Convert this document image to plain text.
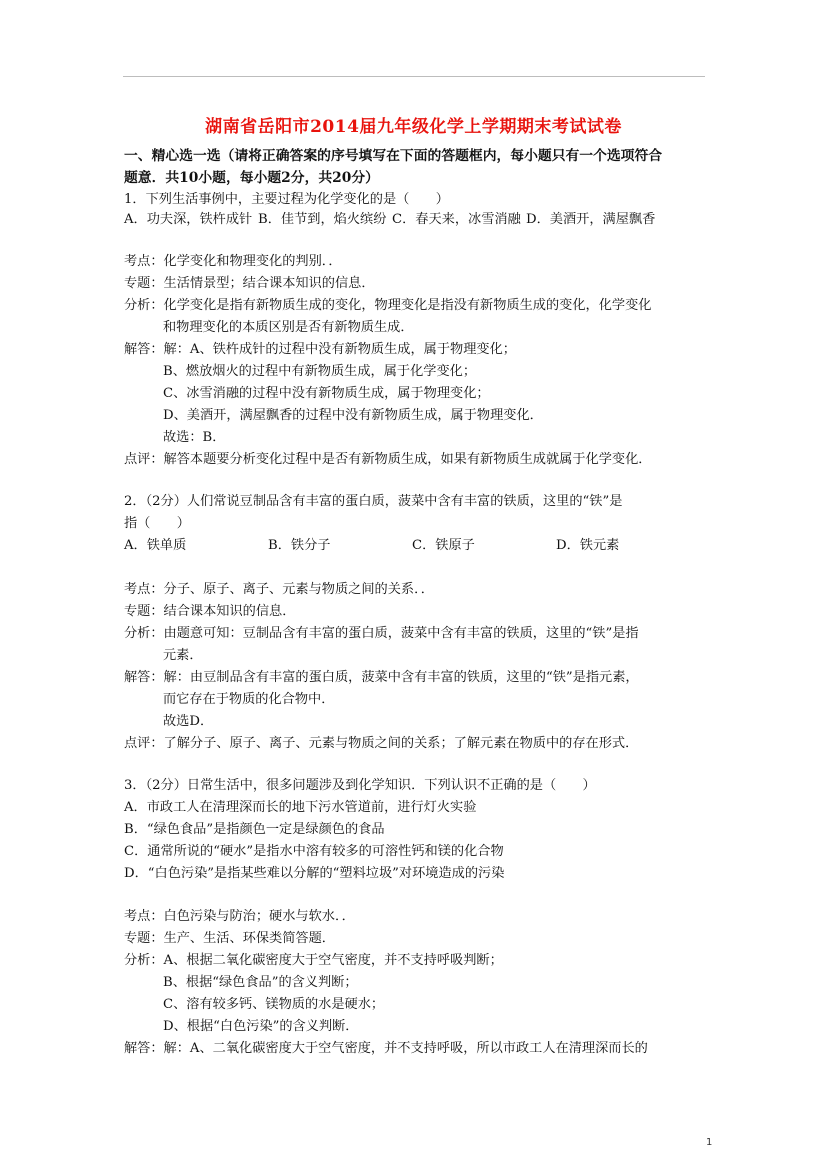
湖南省岳阳市2014届九年级化学上学期期末考试试卷
一、精心选一选（请将正确答案的序号填写在下面的答题框内，每小题只有一个选项符合
题意．共10小题，每小题2分，共20分）
1．下列生活事例中，主要过程为化学变化的是（　　）
A．功夫深，铁杵成针 B．佳节到，焰火缤纷 C．春天来，冰雪消融 D．美酒开，满屋飘香
考点：化学变化和物理变化的判别．．
专题：生活情景型；结合课本知识的信息．
分析：化学变化是指有新物质生成的变化，物理变化是指没有新物质生成的变化，化学变化
和物理变化的本质区别是否有新物质生成．
解答：解：A、铁杵成针的过程中没有新物质生成，属于物理变化；
B、燃放烟火的过程中有新物质生成，属于化学变化；
C、冰雪消融的过程中没有新物质生成，属于物理变化；
D、美酒开，满屋飘香的过程中没有新物质生成，属于物理变化．
故选：B．
点评：解答本题要分析变化过程中是否有新物质生成，如果有新物质生成就属于化学变化．
2．（2分）人们常说豆制品含有丰富的蛋白质，菠菜中含有丰富的铁质，这里的“铁”是
指（　　）
A．铁单质	B．铁分子	C．铁原子	D．铁元素
考点：分子、原子、离子、元素与物质之间的关系．．
专题：结合课本知识的信息．
分析：由题意可知：豆制品含有丰富的蛋白质，菠菜中含有丰富的铁质，这里的“铁”是指
元素．
解答：解：由豆制品含有丰富的蛋白质，菠菜中含有丰富的铁质，这里的“铁”是指元素，
而它存在于物质的化合物中．
故选D．
点评：了解分子、原子、离子、元素与物质之间的关系；了解元素在物质中的存在形式．
3．（2分）日常生活中，很多问题涉及到化学知识．下列认识不正确的是（　　）
A．市政工人在清理深而长的地下污水管道前，进行灯火实验
B．“绿色食品”是指颜色一定是绿颜色的食品
C．通常所说的“硬水”是指水中溶有较多的可溶性钙和镁的化合物
D．“白色污染”是指某些难以分解的“塑料垃圾”对环境造成的污染
考点：白色污染与防治；硬水与软水．．
专题：生产、生活、环保类简答题．
分析：A、根据二氧化碳密度大于空气密度，并不支持呼吸判断；
B、根据“绿色食品”的含义判断；
C、溶有较多钙、镁物质的水是硬水；
D、根据“白色污染”的含义判断．
解答：解：A、二氧化碳密度大于空气密度，并不支持呼吸，所以市政工人在清理深而长的
1
